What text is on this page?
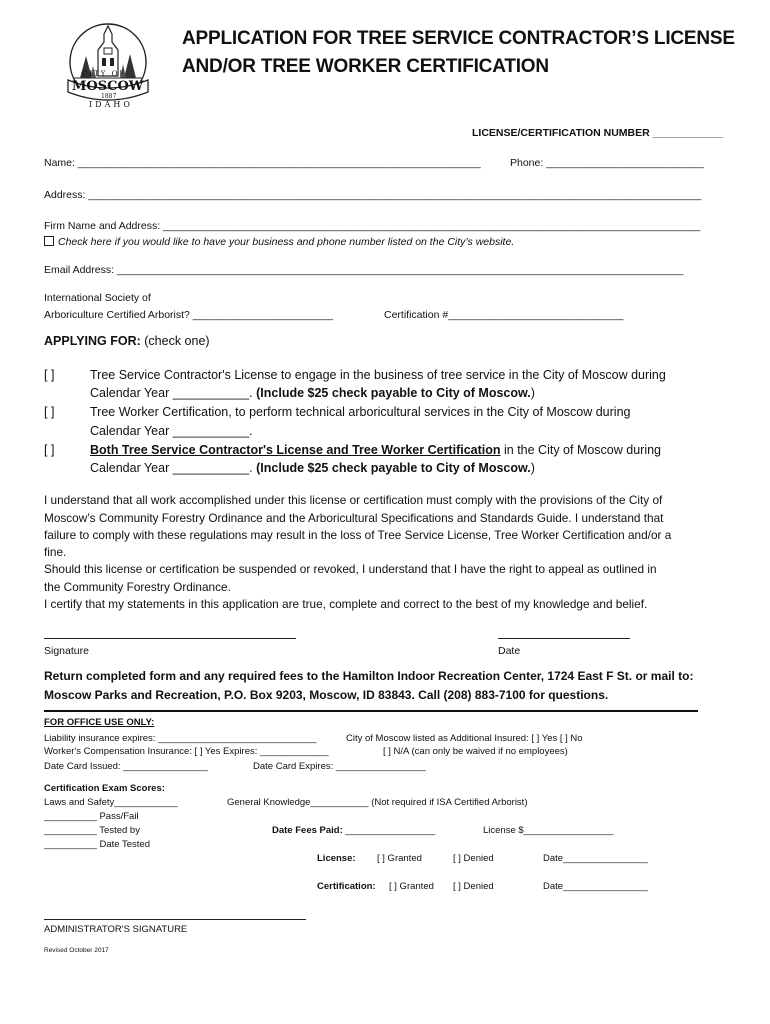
CITY OF
MOSCOW
1887
IDAHO
APPLICATION FOR TREE SERVICE CONTRACTOR’S LICENSE
AND/OR TREE WORKER CERTIFICATION
LICENSE/CERTIFICATION NUMBER ____________
Name: _____________________________________________________________________	Phone: ___________________________
Address: _________________________________________________________________________________________________________
Firm Name and Address: ____________________________________________________________________________________________
Check here if you would like to have your business and phone number listed on the City’s website.
Email Address: _________________________________________________________________________________________________
International Society of
Arboriculture Certified Arborist? ________________________	Certification #______________________________
APPLYING FOR: (check one)
[ ]	Tree Service Contractor's License to engage in the business of tree service in the City of Moscow during
Calendar Year ___________. (Include $25 check payable to City of Moscow.)
[ ]	Tree Worker Certification, to perform technical arboricultural services in the City of Moscow during
Calendar Year ___________.
[ ]	Both Tree Service Contractor's License and Tree Worker Certification in the City of Moscow during
Calendar Year ___________. (Include $25 check payable to City of Moscow.)
I understand that all work accomplished under this license or certification must comply with the provisions of the City of
Moscow’s Community Forestry Ordinance and the Arboricultural Specifications and Standards Guide. I understand that
failure to comply with these regulations may result in the loss of Tree Service License, Tree Worker Certification and/or a
fine.
Should this license or certification be suspended or revoked, I understand that I have the right to appeal as outlined in
the Community Forestry Ordinance.
I certify that my statements in this application are true, complete and correct to the best of my knowledge and belief.
Signature	Date
Return completed form and any required fees to the Hamilton Indoor Recreation Center, 1724 East F St. or mail to:
Moscow Parks and Recreation, P.O. Box 9203, Moscow, ID 83843. Call (208) 883-7100 for questions.
FOR OFFICE USE ONLY:
Liability insurance expires: ______________________________	City of Moscow listed as Additional Insured: [ ] Yes [ ] No
Worker's Compensation Insurance: [ ] Yes Expires: _____________	[ ] N/A (can only be waived if no employees)
Date Card Issued: ________________	Date Card Expires: _________________
Certification Exam Scores:
Laws and Safety____________	General Knowledge___________ (Not required if ISA Certified Arborist)
__________ Pass/Fail
__________ Tested by	Date Fees Paid: _________________	License $_________________
__________ Date Tested
License: [ ] Granted	[ ] Denied	Date________________
Certification: [ ] Granted [ ] Denied	Date________________
ADMINISTRATOR'S SIGNATURE
Revised October 2017
